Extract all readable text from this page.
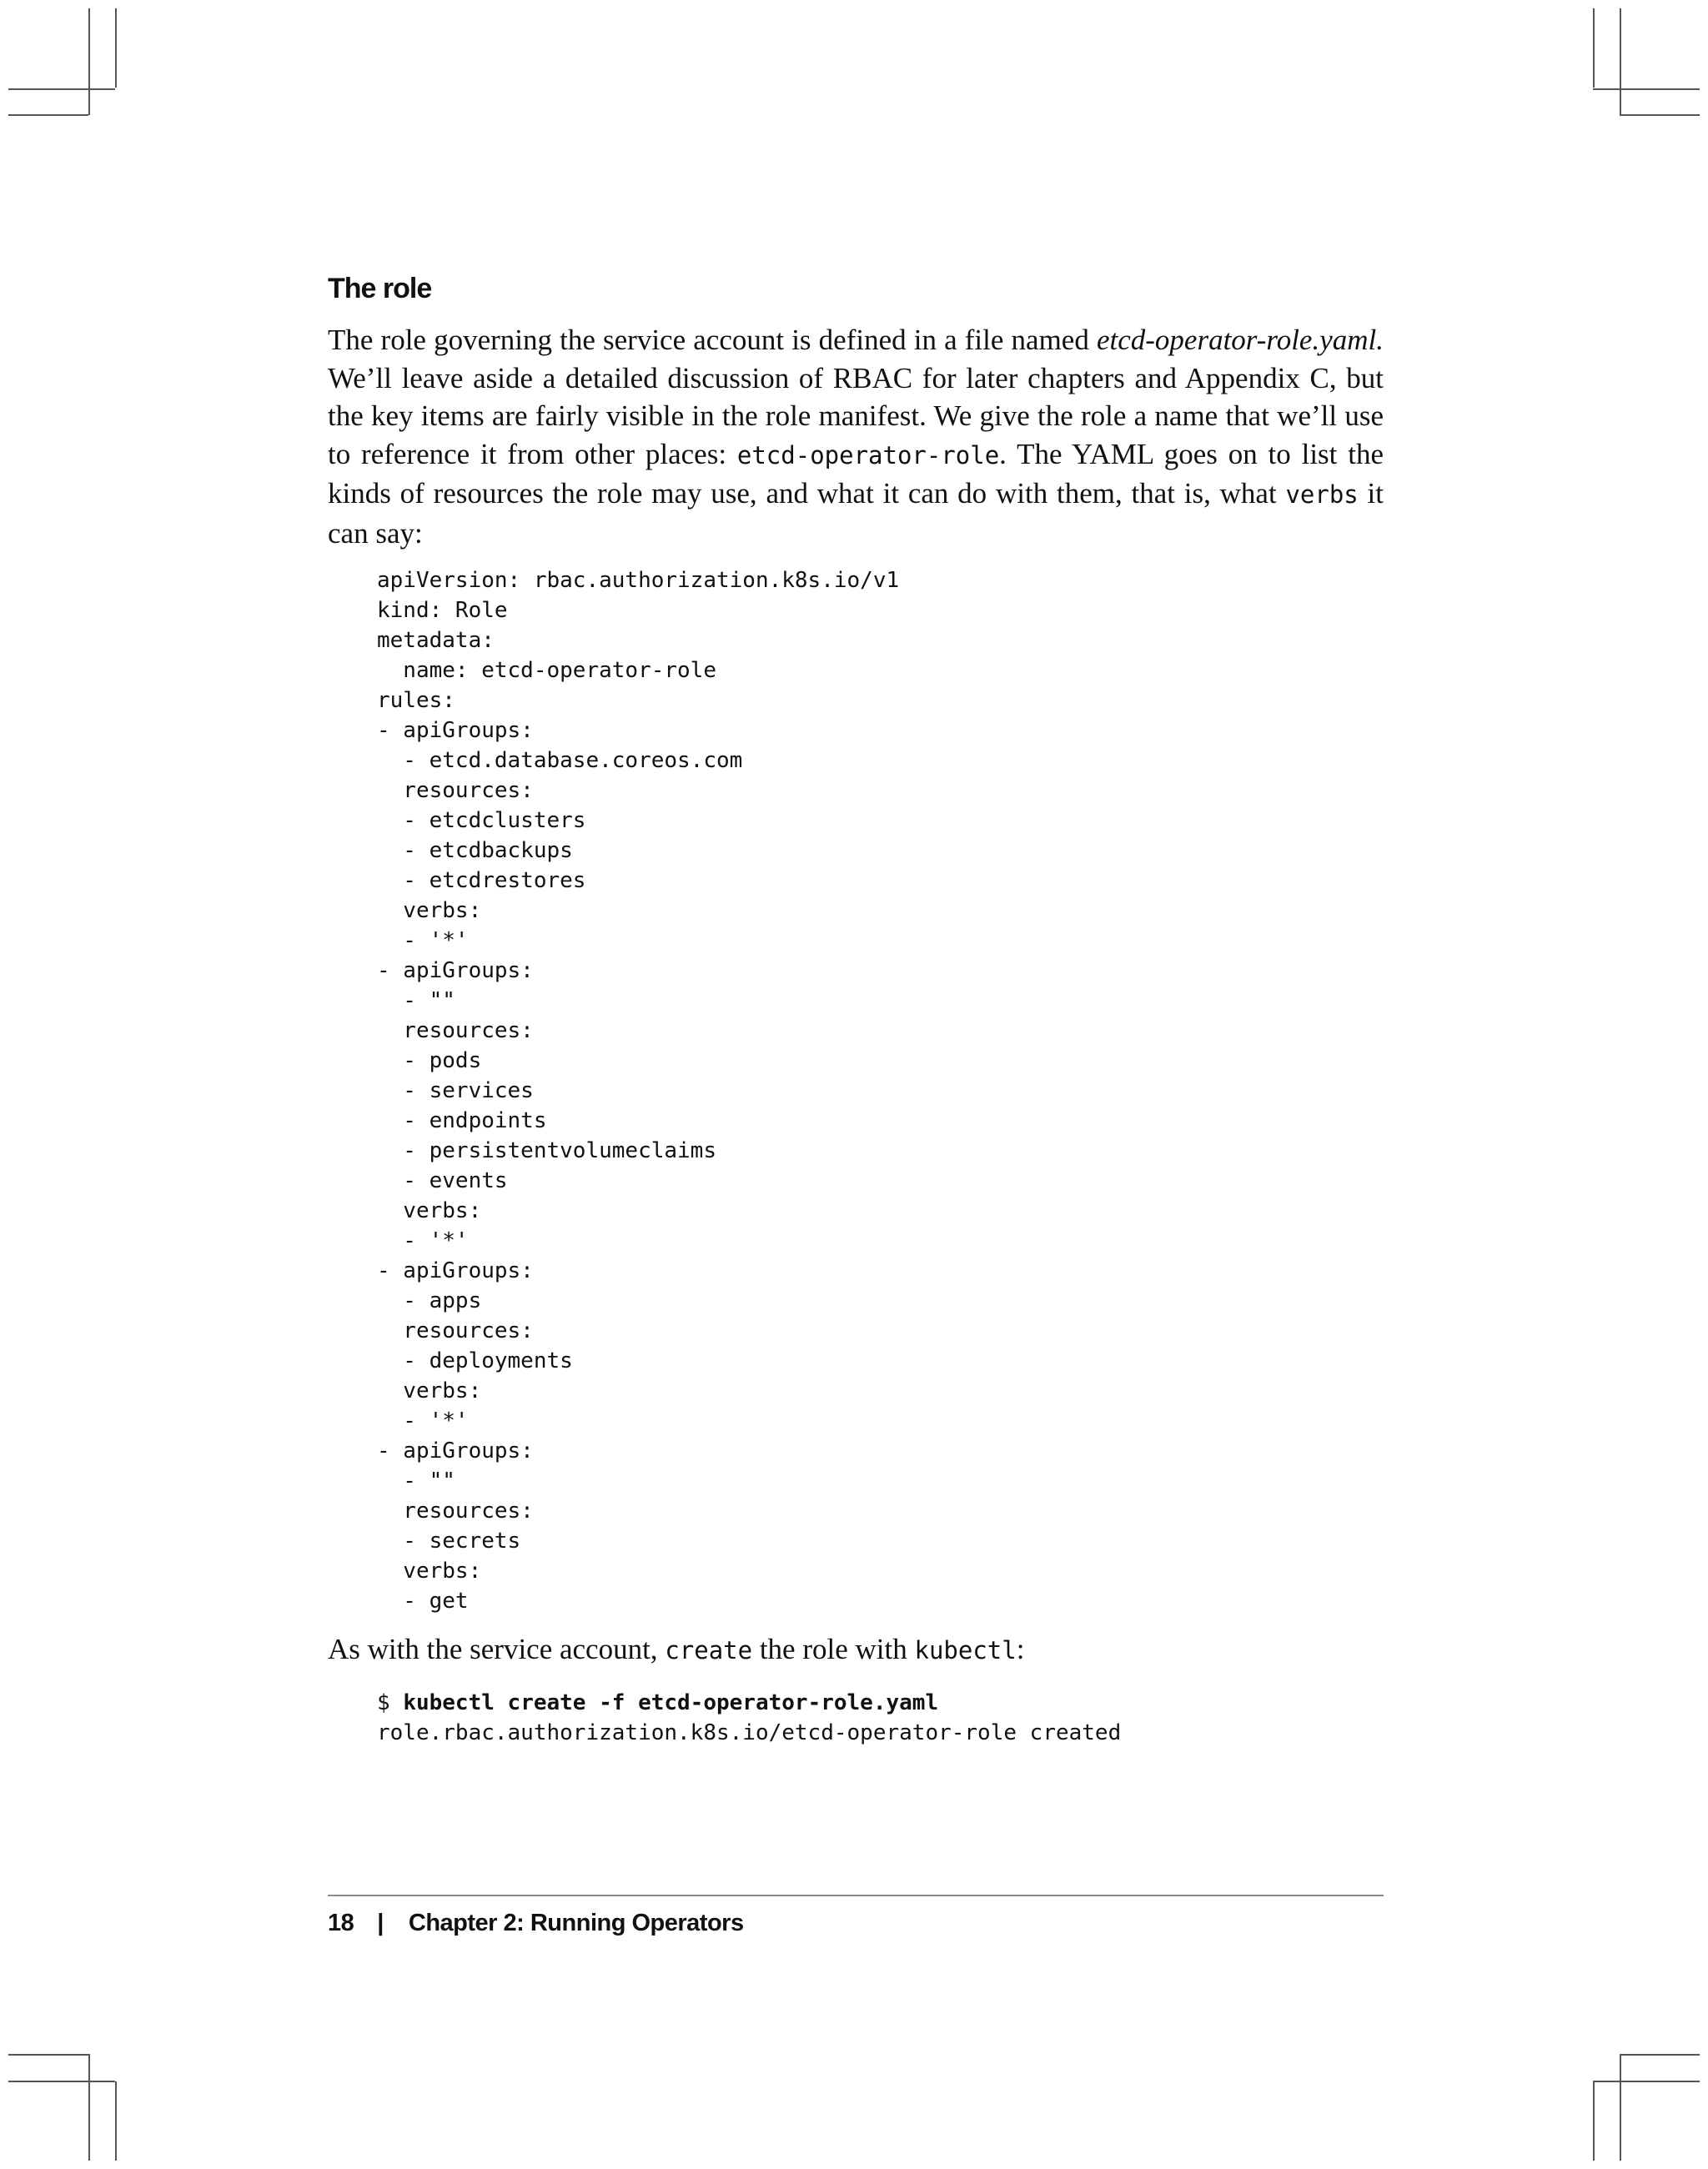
The role

The role governing the service account is defined in a file named etcd-operator-role.yaml. We’ll leave aside a detailed discussion of RBAC for later chapters and Appendix C, but the key items are fairly visible in the role manifest. We give the role a name that we’ll use to reference it from other places: etcd-operator-role. The YAML goes on to list the kinds of resources the role may use, and what it can do with them, that is, what verbs it can say:

apiVersion: rbac.authorization.k8s.io/v1
kind: Role
metadata:
name: etcd-operator-role
rules:
- apiGroups:
- etcd.database.coreos.com
resources:
- etcdclusters
- etcdbackups
- etcdrestores
verbs:
- '*'
- apiGroups:
- ""
resources:
- pods
- services
- endpoints
- persistentvolumeclaims
- events
verbs:
- '*'
- apiGroups:
- apps
resources:
- deployments
verbs:
- '*'
- apiGroups:
- ""
resources:
- secrets
verbs:
- get

As with the service account, create the role with kubectl:

$ kubectl create -f etcd-operator-role.yaml
role.rbac.authorization.k8s.io/etcd-operator-role created
18 | Chapter 2: Running Operators
